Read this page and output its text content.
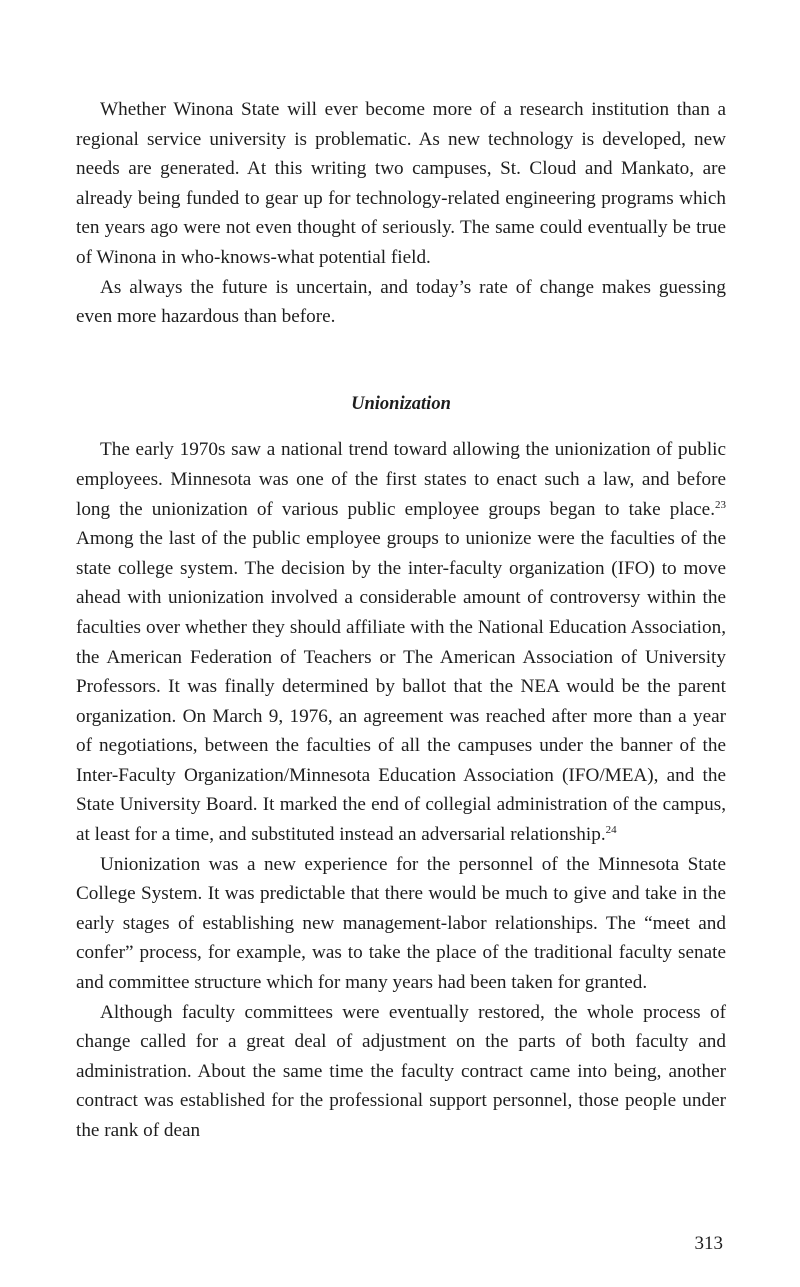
Whether Winona State will ever become more of a research institution than a regional service university is problematic. As new technology is developed, new needs are generated. At this writing two campuses, St. Cloud and Mankato, are already being funded to gear up for technology-related engineering programs which ten years ago were not even thought of seriously. The same could eventually be true of Winona in who-knows-what potential field.

As always the future is uncertain, and today’s rate of change makes guessing even more hazardous than before.

Unionization

The early 1970s saw a national trend toward allowing the unionization of public employees. Minnesota was one of the first states to enact such a law, and before long the unionization of various public employee groups began to take place.$^{23}$ Among the last of the public employee groups to unionize were the faculties of the state college system. The decision by the inter-faculty organization (IFO) to move ahead with unionization involved a considerable amount of controversy within the faculties over whether they should affiliate with the National Education Association, the American Federation of Teachers or The American Association of University Professors. It was finally determined by ballot that the NEA would be the parent organization. On March 9, 1976, an agreement was reached after more than a year of negotiations, between the faculties of all the campuses under the banner of the Inter-Faculty Organization/Minnesota Education Association (IFO/MEA), and the State University Board. It marked the end of collegial administration of the campus, at least for a time, and substituted instead an adversarial relationship.$^{24}$

Unionization was a new experience for the personnel of the Minnesota State College System. It was predictable that there would be much to give and take in the early stages of establishing new management-labor relationships. The “meet and confer” process, for example, was to take the place of the traditional faculty senate and committee structure which for many years had been taken for granted.

Although faculty committees were eventually restored, the whole process of change called for a great deal of adjustment on the parts of both faculty and administration. About the same time the faculty contract came into being, another contract was established for the professional support personnel, those people under the rank of dean

313
